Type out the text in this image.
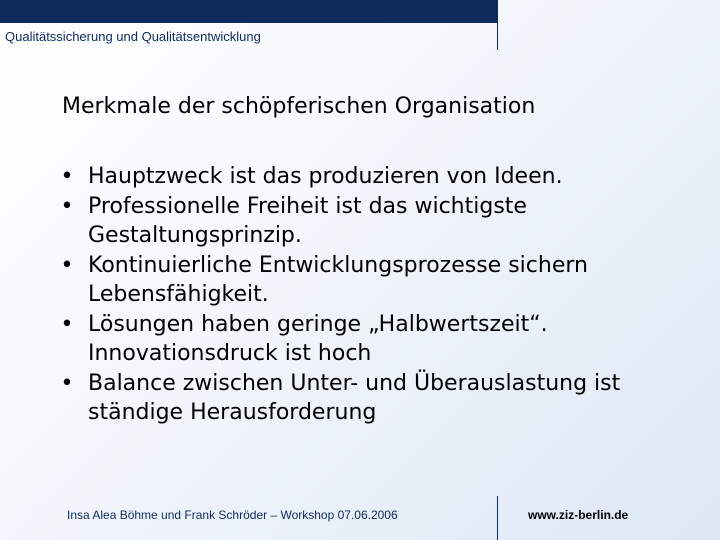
Qualitätssicherung und Qualitätsentwicklung
Merkmale der schöpferischen Organisation
• Hauptzweck ist das produzieren von Ideen.
• Professionelle Freiheit ist das wichtigste Gestaltungsprinzip.
• Kontinuierliche Entwicklungsprozesse sichern Lebensfähigkeit.
• Lösungen haben geringe „Halbwertszeit“. Innovationsdruck ist hoch
• Balance zwischen Unter- und Überauslastung ist ständige Herausforderung
Insa Alea Böhme und Frank Schröder – Workshop 07.06.2006	www.ziz-berlin.de
